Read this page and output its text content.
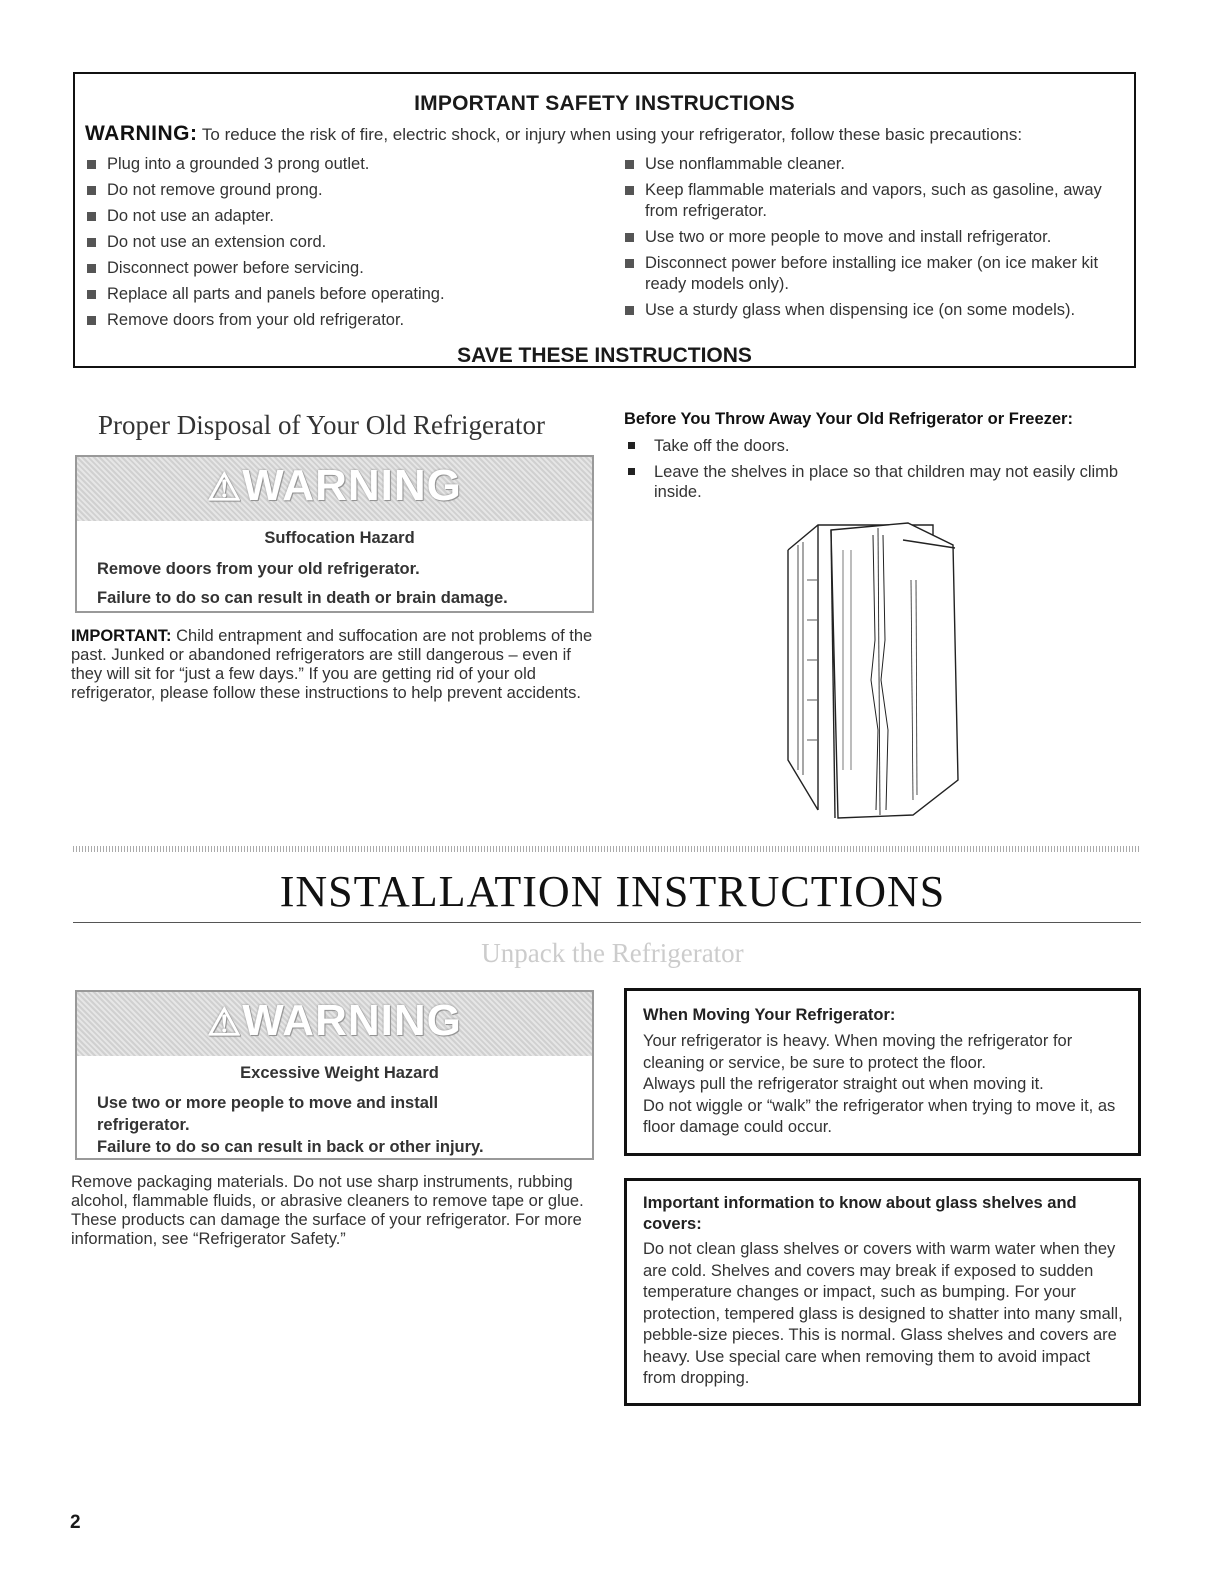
IMPORTANT SAFETY INSTRUCTIONS
WARNING: To reduce the risk of fire, electric shock, or injury when using your refrigerator, follow these basic precautions:
Plug into a grounded 3 prong outlet.
Do not remove ground prong.
Do not use an adapter.
Do not use an extension cord.
Disconnect power before servicing.
Replace all parts and panels before operating.
Remove doors from your old refrigerator.
Use nonflammable cleaner.
Keep flammable materials and vapors, such as gasoline, away from refrigerator.
Use two or more people to move and install refrigerator.
Disconnect power before installing ice maker (on ice maker kit ready models only).
Use a sturdy glass when dispensing ice (on some models).
SAVE THESE INSTRUCTIONS
Proper Disposal of Your Old Refrigerator
⚠WARNING
Suffocation Hazard
Remove doors from your old refrigerator.
Failure to do so can result in death or brain damage.
IMPORTANT: Child entrapment and suffocation are not problems of the past. Junked or abandoned refrigerators are still dangerous – even if they will sit for “just a few days.” If you are getting rid of your old refrigerator, please follow these instructions to help prevent accidents.
Before You Throw Away Your Old Refrigerator or Freezer:
Take off the doors.
Leave the shelves in place so that children may not easily climb inside.
INSTALLATION INSTRUCTIONS
Unpack the Refrigerator
⚠WARNING
Excessive Weight Hazard
Use two or more people to move and install refrigerator.
Failure to do so can result in back or other injury.
Remove packaging materials. Do not use sharp instruments, rubbing alcohol, flammable fluids, or abrasive cleaners to remove tape or glue. These products can damage the surface of your refrigerator. For more information, see “Refrigerator Safety.”
When Moving Your Refrigerator:
Your refrigerator is heavy. When moving the refrigerator for cleaning or service, be sure to protect the floor.
Always pull the refrigerator straight out when moving it.
Do not wiggle or “walk” the refrigerator when trying to move it, as floor damage could occur.
Important information to know about glass shelves and covers:
Do not clean glass shelves or covers with warm water when they are cold. Shelves and covers may break if exposed to sudden temperature changes or impact, such as bumping. For your protection, tempered glass is designed to shatter into many small, pebble-size pieces. This is normal. Glass shelves and covers are heavy. Use special care when removing them to avoid impact from dropping.
2
